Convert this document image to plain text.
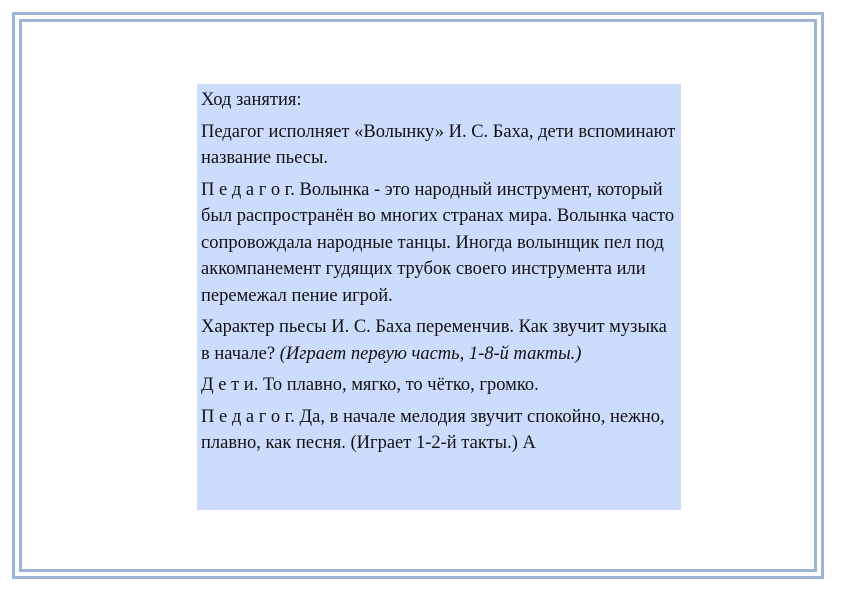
Ход занятия:

Педагог исполняет «Волынку» И. С. Баха, дети вспоминают название пьесы.

П е д а г о г. Волынка - это народный инструмент, который был распространён во многих странах мира. Волынка часто сопровождала народные танцы. Иногда волынщик пел под аккомпанемент гудящих трубок своего инструмента или перемежал пение игрой.

Характер пьесы И. С. Баха переменчив. Как звучит музыка в начале? (Играет первую часть, 1-8-й такты.)

Д е т и. То плавно, мягко, то чётко, громко.

П е д а г о г. Да, в начале мелодия звучит спокойно, нежно, плавно, как песня. (Играет 1-2-й такты.) А
